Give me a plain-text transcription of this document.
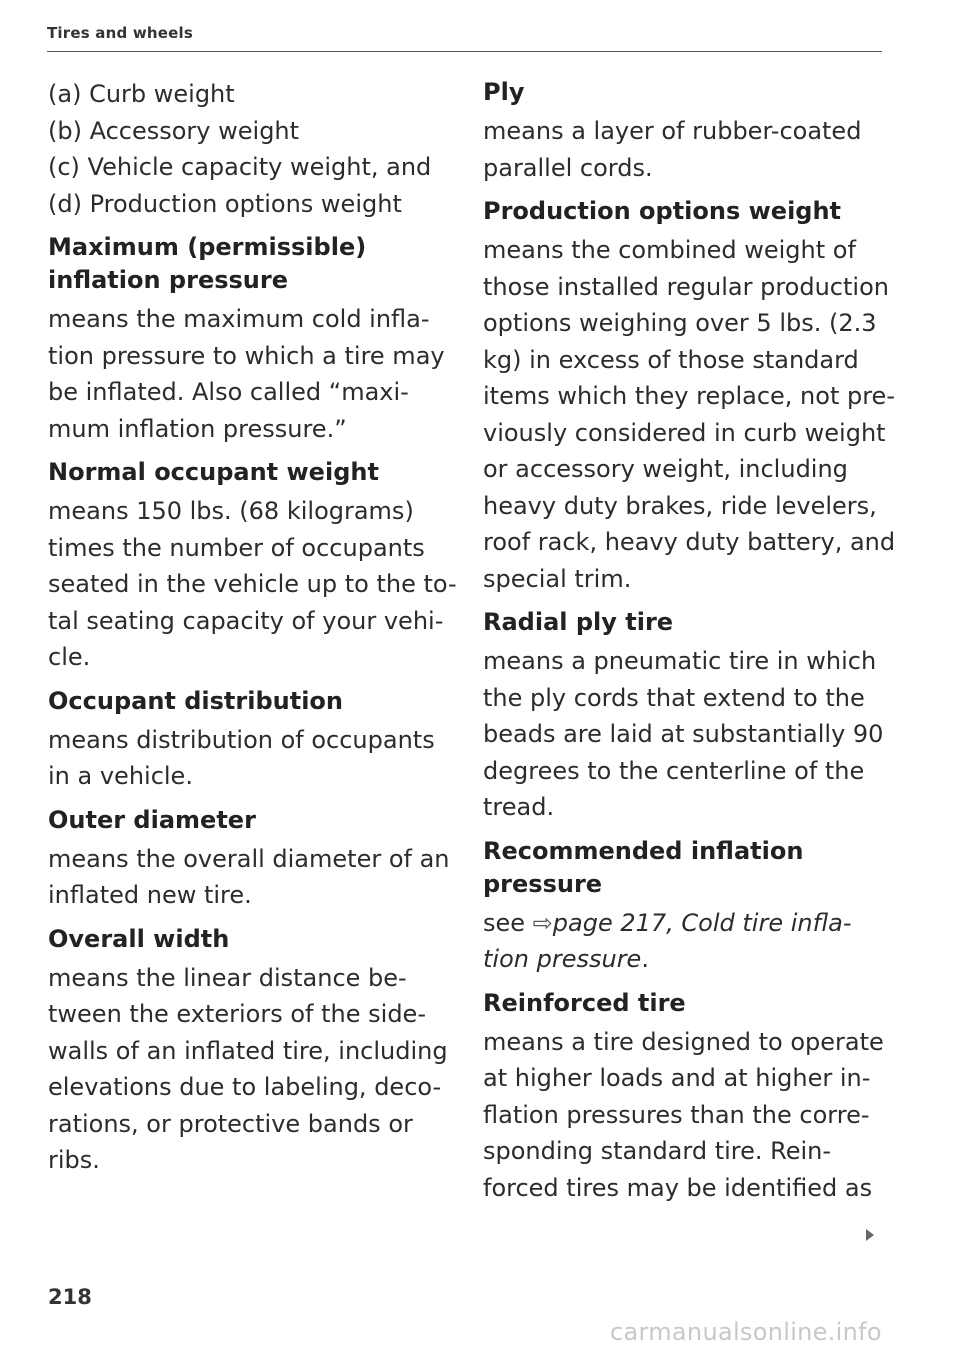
Tires and wheels
(a) Curb weight
(b) Accessory weight
(c) Vehicle capacity weight, and
(d) Production options weight
Maximum (permissible)
inflation pressure
means the maximum cold infla-
tion pressure to which a tire may
be inflated. Also called “maxi-
mum inflation pressure.”
Normal occupant weight
means 150 lbs. (68 kilograms)
times the number of occupants
seated in the vehicle up to the to-
tal seating capacity of your vehi-
cle.
Occupant distribution
means distribution of occupants
in a vehicle.
Outer diameter
means the overall diameter of an
inflated new tire.
Overall width
means the linear distance be-
tween the exteriors of the side-
walls of an inflated tire, including
elevations due to labeling, deco-
rations, or protective bands or
ribs.
Ply
means a layer of rubber-coated
parallel cords.
Production options weight
means the combined weight of
those installed regular production
options weighing over 5 lbs. (2.3
kg) in excess of those standard
items which they replace, not pre-
viously considered in curb weight
or accessory weight, including
heavy duty brakes, ride levelers,
roof rack, heavy duty battery, and
special trim.
Radial ply tire
means a pneumatic tire in which
the ply cords that extend to the
beads are laid at substantially 90
degrees to the centerline of the
tread.
Recommended inflation
pressure
see ⇨page 217, Cold tire infla-
tion pressure.
Reinforced tire
means a tire designed to operate
at higher loads and at higher in-
flation pressures than the corre-
sponding standard tire. Rein-
forced tires may be identified as
218
carmanualsonline.info
